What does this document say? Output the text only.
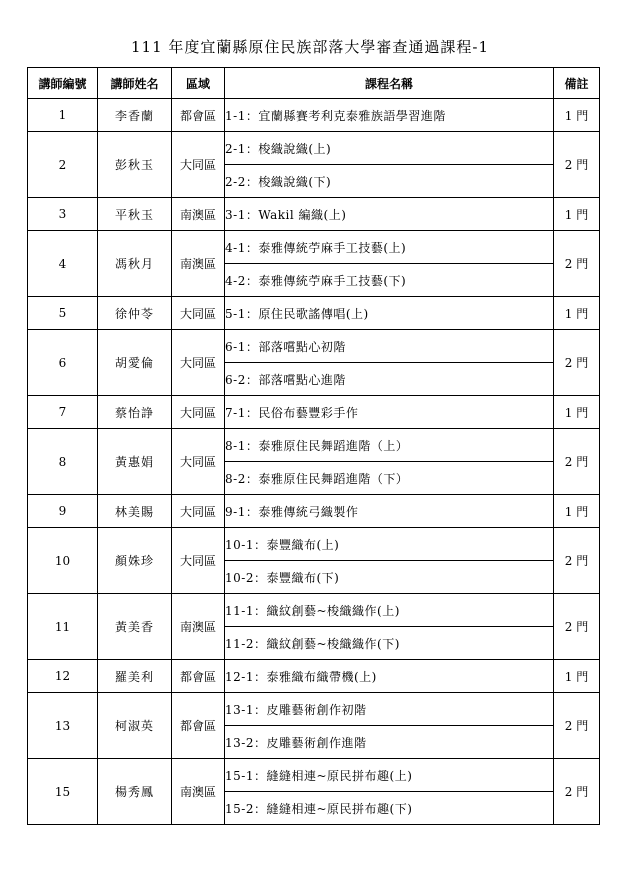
111 年度宜蘭縣原住民族部落大學審查通過課程-1
講師編號	講師姓名	區域	課程名稱	備註
1	李香蘭	都會區	1-1：宜蘭縣賽考利克泰雅族語學習進階	1 門
2	彭秋玉	大同區	2-1：梭織說織(上)	2 門
			2-2：梭織說織(下)	
3	平秋玉	南澳區	3-1：Wakil 編織(上)	1 門
4	馮秋月	南澳區	4-1：泰雅傳統苧麻手工技藝(上)	2 門
			4-2：泰雅傳統苧麻手工技藝(下)	
5	徐仲苓	大同區	5-1：原住民歌謠傳唱(上)	1 門
6	胡愛倫	大同區	6-1：部落嚐點心初階	2 門
			6-2：部落嚐點心進階	
7	蔡怡諍	大同區	7-1：民俗布藝豐彩手作	1 門
8	黃惠娟	大同區	8-1：泰雅原住民舞蹈進階（上）	2 門
			8-2：泰雅原住民舞蹈進階（下）	
9	林美賜	大同區	9-1：泰雅傳統弓織製作	1 門
10	顏姝珍	大同區	10-1：泰豐織布(上)	2 門
			10-2：泰豐織布(下)	
11	黃美香	南澳區	11-1：織紋創藝~梭織織作(上)	2 門
			11-2：織紋創藝~梭織織作(下)	
12	羅美利	都會區	12-1：泰雅織布織帶機(上)	1 門
13	柯淑英	都會區	13-1：皮雕藝術創作初階	2 門
			13-2：皮雕藝術創作進階	
15	楊秀鳳	南澳區	15-1：縫縫相連~原民拼布趣(上)	2 門
			15-2：縫縫相連~原民拼布趣(下)	
